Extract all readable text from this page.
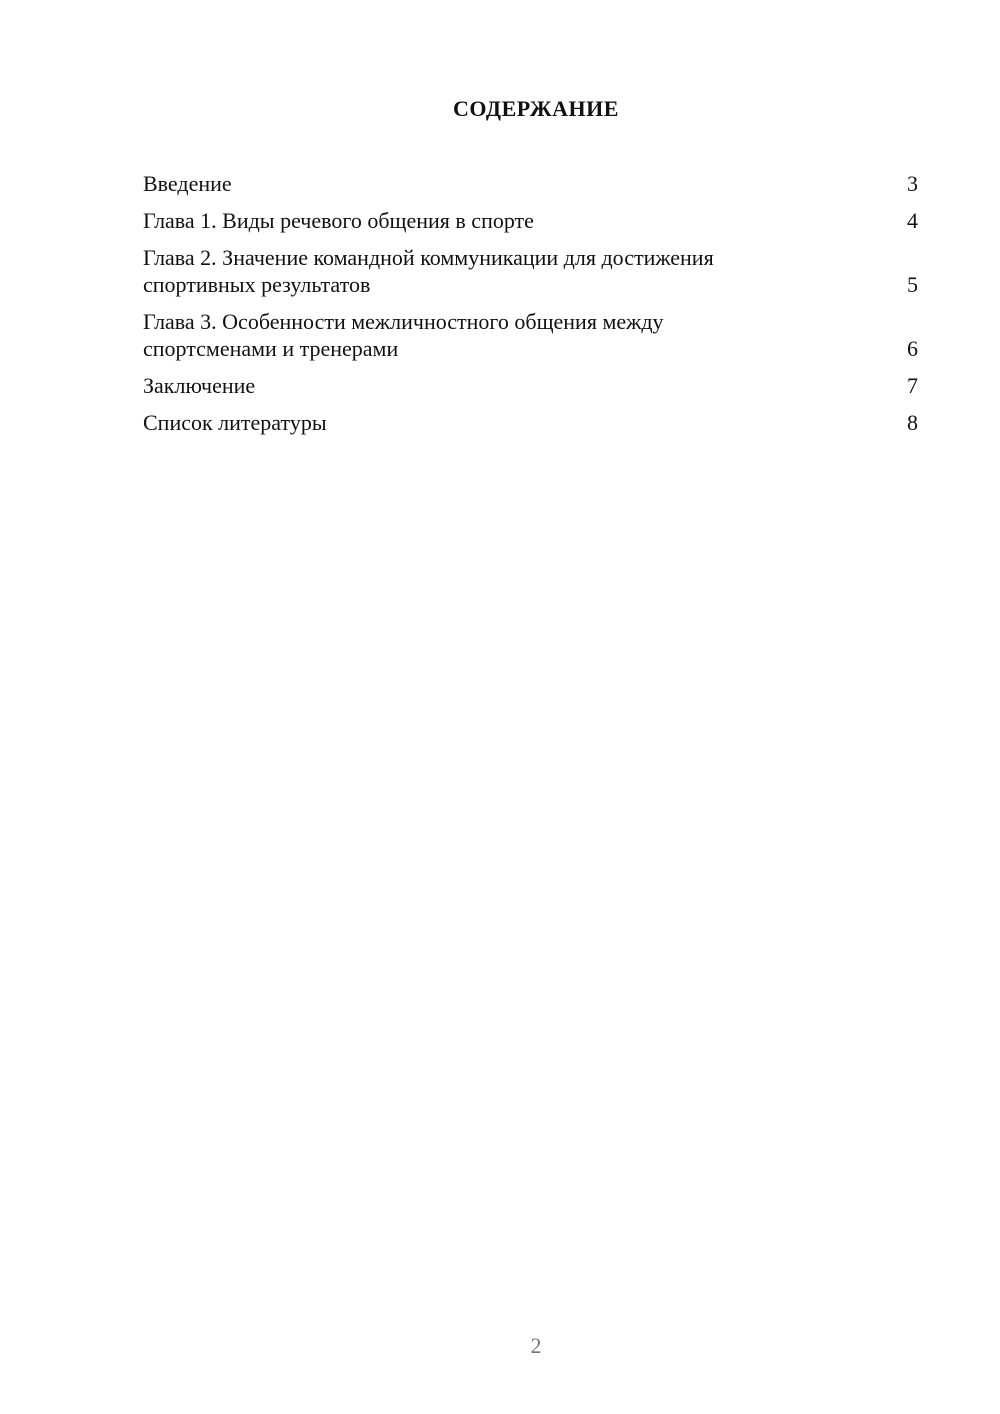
СОДЕРЖАНИЕ
Введение	3
Глава 1. Виды речевого общения в спорте	4
Глава 2. Значение командной коммуникации для достижения
спортивных результатов	5
Глава 3. Особенности межличностного общения между
спортсменами и тренерами	6
Заключение	7
Список литературы	8
2
